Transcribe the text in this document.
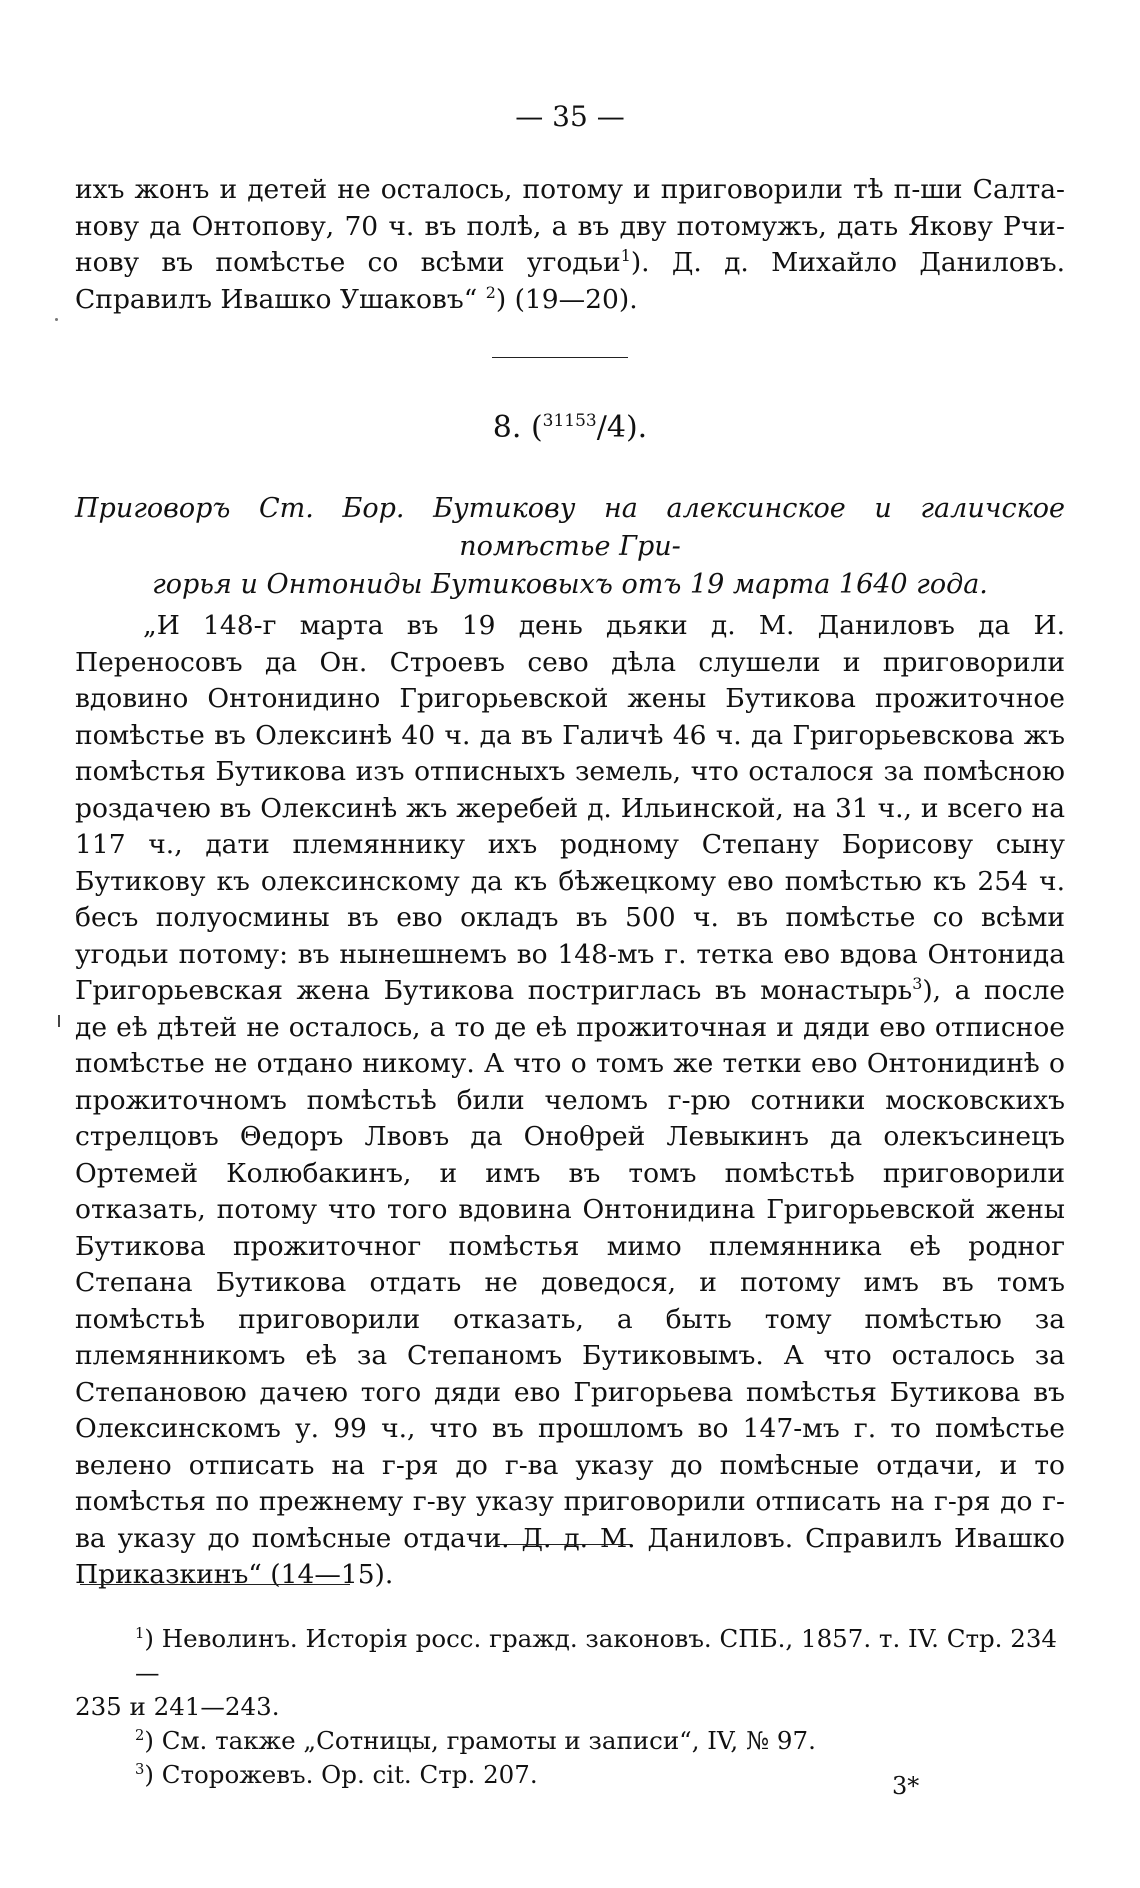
— 35 —

ихъ жонъ и детей не осталось, потому и приговорили тѣ п-ши Салта- нову да Онтопову, 70 ч. въ полѣ, а въ дву потомужъ, дать Якову Рчи- нову въ помѣстье со всѣми угодьи$^1$). Д. д. Михайло Даниловъ. Справилъ Ивашко Ушаковъ“ $^2$) (19—20).

8. ($^{31153}$/4).

Приговоръ Ст. Бор. Бутикову на алексинское и галичское помѣстье Гри-

горья и Онтониды Бутиковыхъ отъ 19 марта 1640 года.

„И 148-г марта въ 19 день дьяки д. М. Даниловъ да И. Переносовъ да Он. Строевъ сево дѣла слушели и приговорили вдовино Онтонидино Григорьевской жены Бутикова прожиточное помѣстье въ Олексинѣ 40 ч. да въ Галичѣ 46 ч. да Григорьевскова жъ помѣстья Бутикова изъ отписныхъ земель, что осталося за помѣсною роздачею въ Олексинѣ жъ жеребей д. Ильинской, на 31 ч., и всего на 117 ч., дати племяннику ихъ родному Степану Борисову сыну Бутикову къ олексинскому да къ бѣжецкому ево помѣстью къ 254 ч. бесъ полуосмины въ ево окладъ въ 500 ч. въ помѣстье со всѣми угодьи потому: въ нынешнемъ во 148-мъ г. тетка ево вдова Онтонида Григорьевская жена Бутикова постриглась въ монастырь$^3$), а после де еѣ дѣтей не осталось, а то де еѣ прожиточная и дяди ево отписное помѣстье не отдано никому. А что о томъ же тетки ево Онтонидинѣ о прожиточномъ помѣстьѣ били челомъ г-рю сотники московскихъ стрелцовъ Θедоръ Лвовъ да Онοθрей Левыкинъ да олекъсинецъ Ортемей Колюбакинъ, и имъ въ томъ помѣстьѣ приговорили отказать, потому что того вдовина Онтонидина Григорьевской жены Бутикова прожиточног помѣстья мимо племянника еѣ родног Степана Бутикова отдать не доведося, и потому имъ въ томъ помѣстьѣ приговорили отказать, а быть тому помѣстью за племянникомъ еѣ за Степаномъ Бутиковымъ. А что осталось за Степановою дачею того дяди ево Григорьева помѣстья Бутикова въ Олексинскомъ у. 99 ч., что въ прошломъ во 147-мъ г. то помѣстье велено отписать на г-ря до г-ва указу до помѣсные отдачи, и то помѣстья по прежнему г-ву указу приговорили отписать на г-ря до г-ва указу до помѣсные отдачи. Д. д. М. Даниловъ. Справилъ Ивашко Приказкинъ“ (14—15).

$^1$) Неволинъ. Исторія росс. гражд. законовъ. СПБ., 1857. т. IV. Стр. 234—

235 и 241—243.

$^2$) См. также „Сотницы, грамоты и записи“, IV, № 97.

$^3$) Сторожевъ. Op. cit. Стр. 207.	3*
